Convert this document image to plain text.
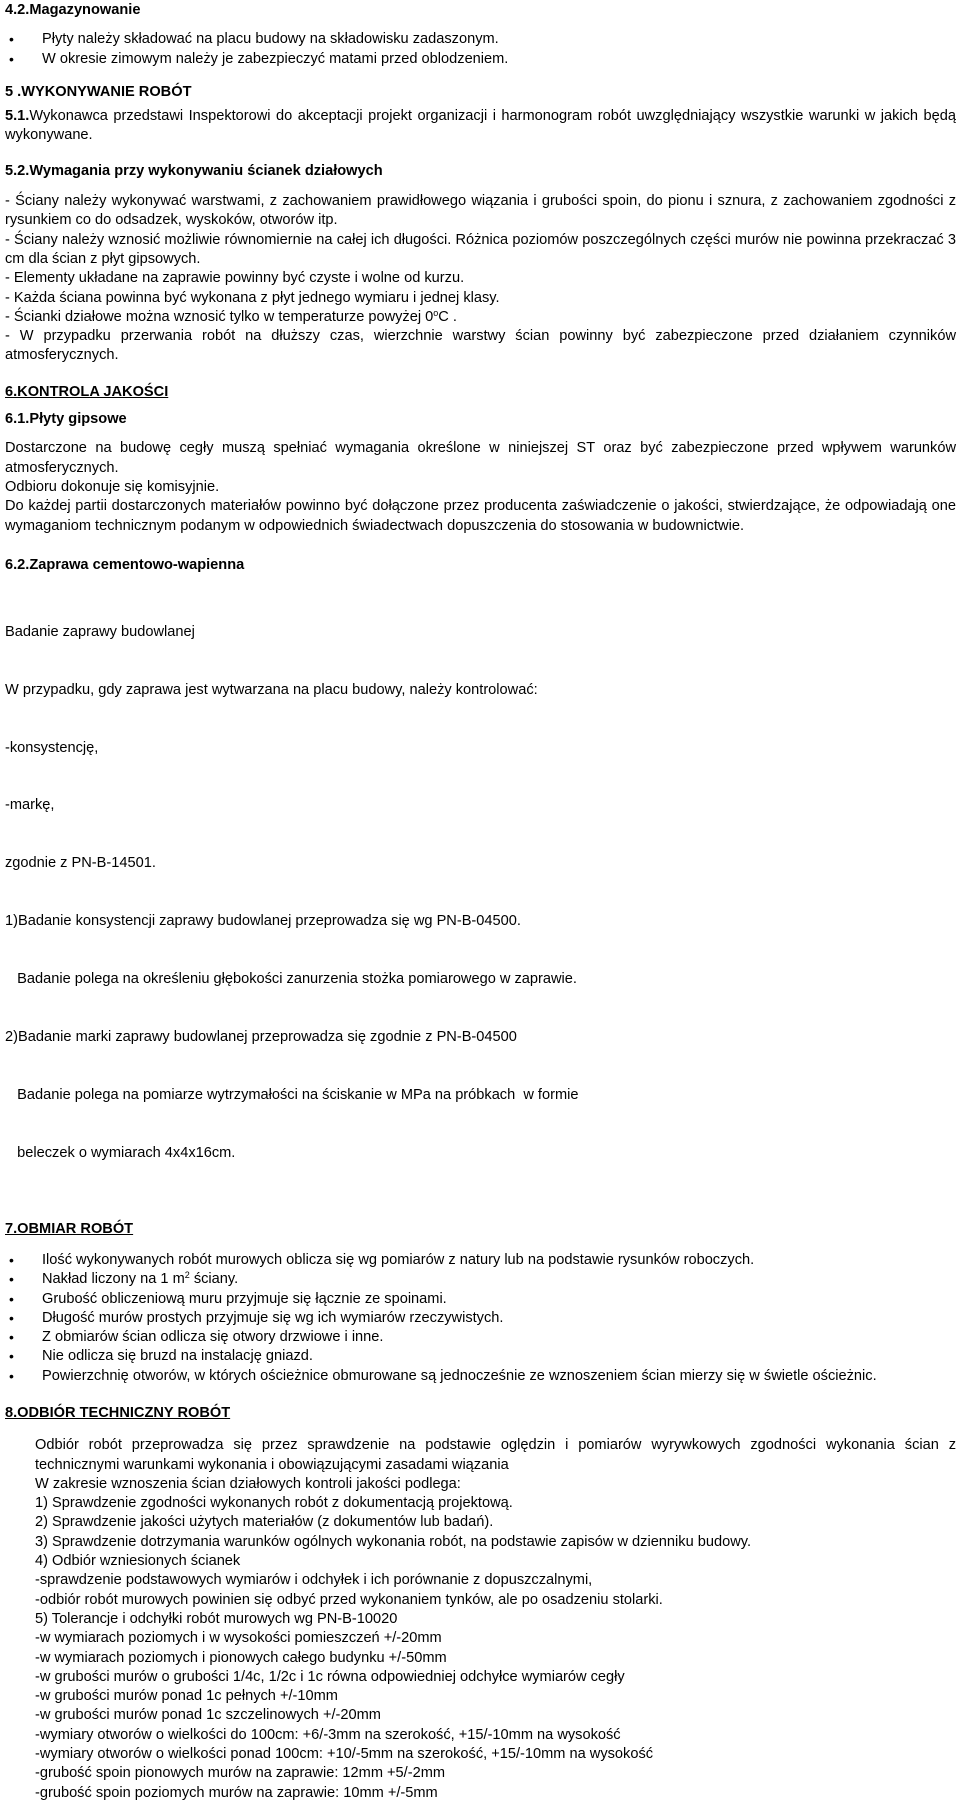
4.2.Magazynowanie

• Płyty należy składować na placu budowy na składowisku zadaszonym.
• W okresie zimowym należy je zabezpieczyć matami przed oblodzeniem.

5 .WYKONYWANIE ROBÓT

5.1.Wykonawca przedstawi Inspektorowi do akceptacji projekt organizacji i harmonogram robót uwzględniający wszystkie warunki w jakich będą wykonywane.

5.2.Wymagania przy wykonywaniu ścianek działowych

- Ściany należy wykonywać warstwami, z zachowaniem prawidłowego wiązania i grubości spoin, do pionu i sznura, z zachowaniem zgodności z rysunkiem co do odsadzek, wyskoków, otworów itp.

- Ściany należy wznosić możliwie równomiernie na całej ich długości. Różnica poziomów poszczególnych części murów nie powinna przekraczać 3 cm dla ścian z płyt gipsowych.

- Elementy układane na zaprawie powinny być czyste i wolne od kurzu.

- Każda ściana powinna być wykonana z płyt jednego wymiaru i jednej klasy.

- Ścianki działowe można wznosić tylko w temperaturze powyżej 0$^o$C .

- W przypadku przerwania robót na dłuższy czas, wierzchnie warstwy ścian powinny być zabezpieczone przed działaniem czynników atmosferycznych.

6.KONTROLA JAKOŚCI

6.1.Płyty gipsowe

Dostarczone na budowę cegły muszą spełniać wymagania określone w niniejszej ST oraz być zabezpieczone przed wpływem warunków atmosferycznych.

Odbioru dokonuje się komisyjnie.

Do każdej partii dostarczonych materiałów powinno być dołączone przez producenta zaświadczenie o jakości, stwierdzające, że odpowiadają one wymaganiom technicznym podanym w odpowiednich świadectwach dopuszczenia do stosowania w budownictwie.

6.2.Zaprawa cementowo-wapienna

Badanie zaprawy budowlanej

W przypadku, gdy zaprawa jest wytwarzana na placu budowy, należy kontrolować:

-konsystencję,

-markę,

zgodnie z PN-B-14501.

1)Badanie konsystencji zaprawy budowlanej przeprowadza się wg PN-B-04500.

Badanie polega na określeniu głębokości zanurzenia stożka pomiarowego w zaprawie.

2)Badanie marki zaprawy budowlanej przeprowadza się zgodnie z PN-B-04500

Badanie polega na pomiarze wytrzymałości na ściskanie w MPa na próbkach  w formie

beleczek o wymiarach 4x4x16cm.

7.OBMIAR ROBÓT

• Ilość wykonywanych robót murowych oblicza się wg pomiarów z natury lub na podstawie rysunków roboczych.
• Nakład liczony na 1 $m^2$ ściany.
• Grubość obliczeniową muru przyjmuje się łącznie ze spoinami.
• Długość murów prostych przyjmuje się wg ich wymiarów rzeczywistych.
• Z obmiarów ścian odlicza się otwory drzwiowe i inne.
• Nie odlicza się bruzd na instalację gniazd.
• Powierzchnię otworów, w których ościeżnice obmurowane są jednocześnie ze wznoszeniem ścian mierzy się w świetle ościeżnic.

8.ODBIÓR TECHNICZNY ROBÓT

Odbiór robót przeprowadza się przez sprawdzenie na podstawie oględzin i pomiarów wyrywkowych zgodności wykonania ścian z technicznymi warunkami wykonania i obowiązującymi zasadami wiązania

W zakresie wznoszenia ścian działowych kontroli jakości podlega:

1) Sprawdzenie zgodności wykonanych robót z dokumentacją projektową.

2) Sprawdzenie jakości użytych materiałów (z dokumentów lub badań).

3) Sprawdzenie dotrzymania warunków ogólnych wykonania robót, na podstawie zapisów w dzienniku budowy.

4) Odbiór wzniesionych ścianek

-sprawdzenie podstawowych wymiarów i odchyłek i ich porównanie z dopuszczalnymi,

-odbiór robót murowych powinien się odbyć przed wykonaniem tynków, ale po osadzeniu stolarki.

5) Tolerancje i odchyłki robót murowych wg PN-B-10020

-w wymiarach poziomych i w wysokości pomieszczeń +/-20mm

-w wymiarach poziomych i pionowych całego budynku +/-50mm

-w grubości murów o grubości 1/4c, 1/2c i 1c równa odpowiedniej odchyłce wymiarów cegły

-w grubości murów ponad 1c pełnych +/-10mm

-w grubości murów ponad 1c szczelinowych +/-20mm

-wymiary otworów o wielkości do 100cm: +6/-3mm na szerokość, +15/-10mm na wysokość

-wymiary otworów o wielkości ponad 100cm: +10/-5mm na szerokość, +15/-10mm na wysokość

-grubość spoin pionowych murów na zaprawie: 12mm +5/-2mm

-grubość spoin poziomych murów na zaprawie: 10mm +/-5mm
